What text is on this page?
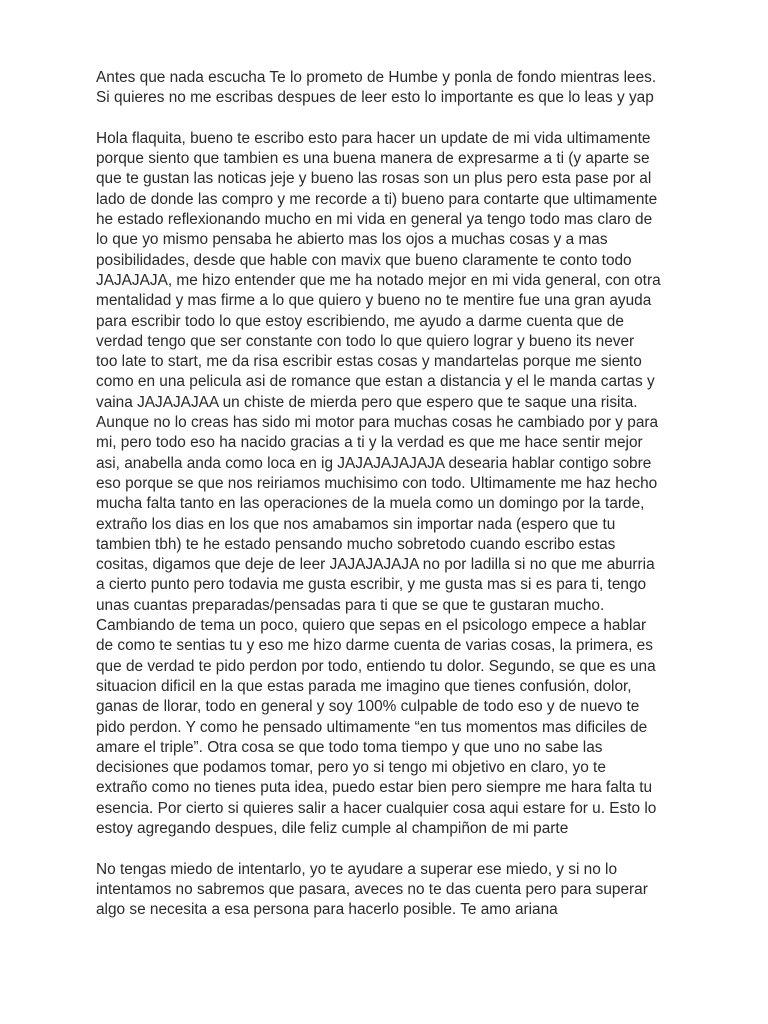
Antes que nada escucha Te lo prometo de Humbe y ponla de fondo mientras lees.
Si quieres no me escribas despues de leer esto lo importante es que lo leas y yap
Hola flaquita, bueno te escribo esto para hacer un update de mi vida ultimamente
porque siento que tambien es una buena manera de expresarme a ti (y aparte se
que te gustan las noticas jeje y bueno las rosas son un plus pero esta pase por al
lado de donde las compro y me recorde a ti) bueno para contarte que ultimamente
he estado reflexionando mucho en mi vida en general ya tengo todo mas claro de
lo que yo mismo pensaba he abierto mas los ojos a muchas cosas y a mas
posibilidades, desde que hable con mavix que bueno claramente te conto todo
JAJAJAJA, me hizo entender que me ha notado mejor en mi vida general, con otra
mentalidad y mas firme a lo que quiero y bueno no te mentire fue una gran ayuda
para escribir todo lo que estoy escribiendo, me ayudo a darme cuenta que de
verdad tengo que ser constante con todo lo que quiero lograr y bueno its never
too late to start, me da risa escribir estas cosas y mandartelas porque me siento
como en una pelicula asi de romance que estan a distancia y el le manda cartas y
vaina JAJAJAJAA un chiste de mierda pero que espero que te saque una risita.
Aunque no lo creas has sido mi motor para muchas cosas he cambiado por y para
mi, pero todo eso ha nacido gracias a ti y la verdad es que me hace sentir mejor
asi, anabella anda como loca en ig JAJAJAJAJAJA desearia hablar contigo sobre
eso porque se que nos reiriamos muchisimo con todo. Ultimamente me haz hecho
mucha falta tanto en las operaciones de la muela como un domingo por la tarde,
extraño los dias en los que nos amabamos sin importar nada (espero que tu
tambien tbh) te he estado pensando mucho sobretodo cuando escribo estas
cositas, digamos que deje de leer JAJAJAJAJA no por ladilla si no que me aburria
a cierto punto pero todavia me gusta escribir, y me gusta mas si es para ti, tengo
unas cuantas preparadas/pensadas para ti que se que te gustaran mucho.
Cambiando de tema un poco, quiero que sepas en el psicologo empece a hablar
de como te sentias tu y eso me hizo darme cuenta de varias cosas, la primera, es
que de verdad te pido perdon por todo, entiendo tu dolor. Segundo, se que es una
situacion dificil en la que estas parada me imagino que tienes confusión, dolor,
ganas de llorar, todo en general y soy 100% culpable de todo eso y de nuevo te
pido perdon. Y como he pensado ultimamente “en tus momentos mas dificiles de
amare el triple”. Otra cosa se que todo toma tiempo y que uno no sabe las
decisiones que podamos tomar, pero yo si tengo mi objetivo en claro, yo te
extraño como no tienes puta idea, puedo estar bien pero siempre me hara falta tu
esencia. Por cierto si quieres salir a hacer cualquier cosa aqui estare for u. Esto lo
estoy agregando despues, dile feliz cumple al champiñon de mi parte
No tengas miedo de intentarlo, yo te ayudare a superar ese miedo, y si no lo
intentamos no sabremos que pasara, aveces no te das cuenta pero para superar
algo se necesita a esa persona para hacerlo posible. Te amo ariana
